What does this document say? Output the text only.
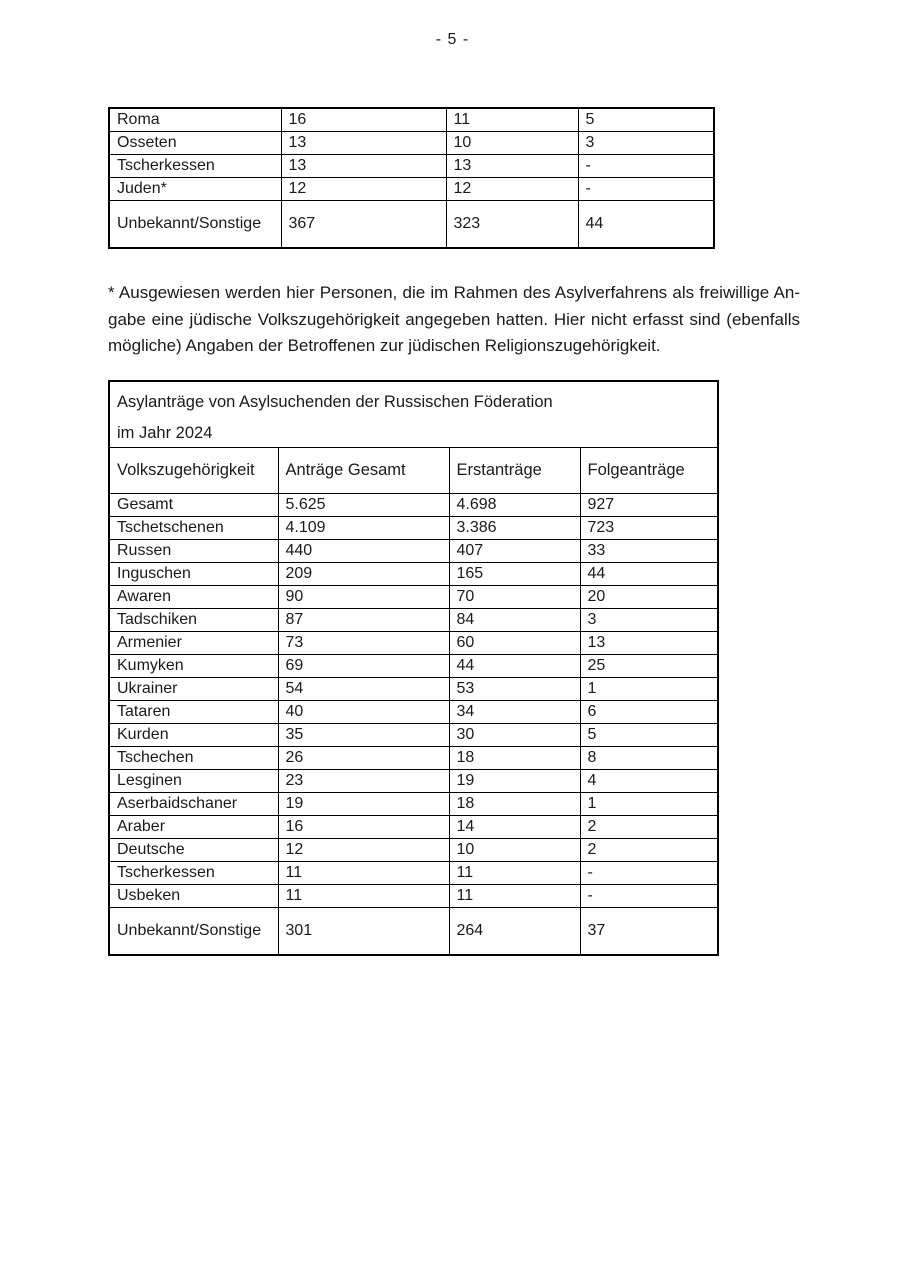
- 5 -
Roma	16	11	5
Osseten	13	10	3
Tscherkessen	13	13	-
Juden*	12	12	-
Unbekannt/Sonstige	367	323	44
* Ausgewiesen werden hier Personen, die im Rahmen des Asylverfahrens als freiwillige An-
gabe eine jüdische Volkszugehörigkeit angegeben hatten. Hier nicht erfasst sind (ebenfalls
mögliche) Angaben der Betroffenen zur jüdischen Religionszugehörigkeit.
Asylanträge von Asylsuchenden der Russischen Föderation
im Jahr 2024			

Volkszugehörigkeit	Anträge Gesamt	Erstanträge	Folgeanträge
Gesamt	5.625	4.698	927
Tschetschenen	4.109	3.386	723
Russen	440	407	33
Inguschen	209	165	44
Awaren	90	70	20
Tadschiken	87	84	3
Armenier	73	60	13
Kumyken	69	44	25
Ukrainer	54	53	1
Tataren	40	34	6
Kurden	35	30	5
Tschechen	26	18	8
Lesginen	23	19	4
Aserbaidschaner	19	18	1
Araber	16	14	2
Deutsche	12	10	2
Tscherkessen	11	11	-
Usbeken	11	11	-
Unbekannt/Sonstige	301	264	37
